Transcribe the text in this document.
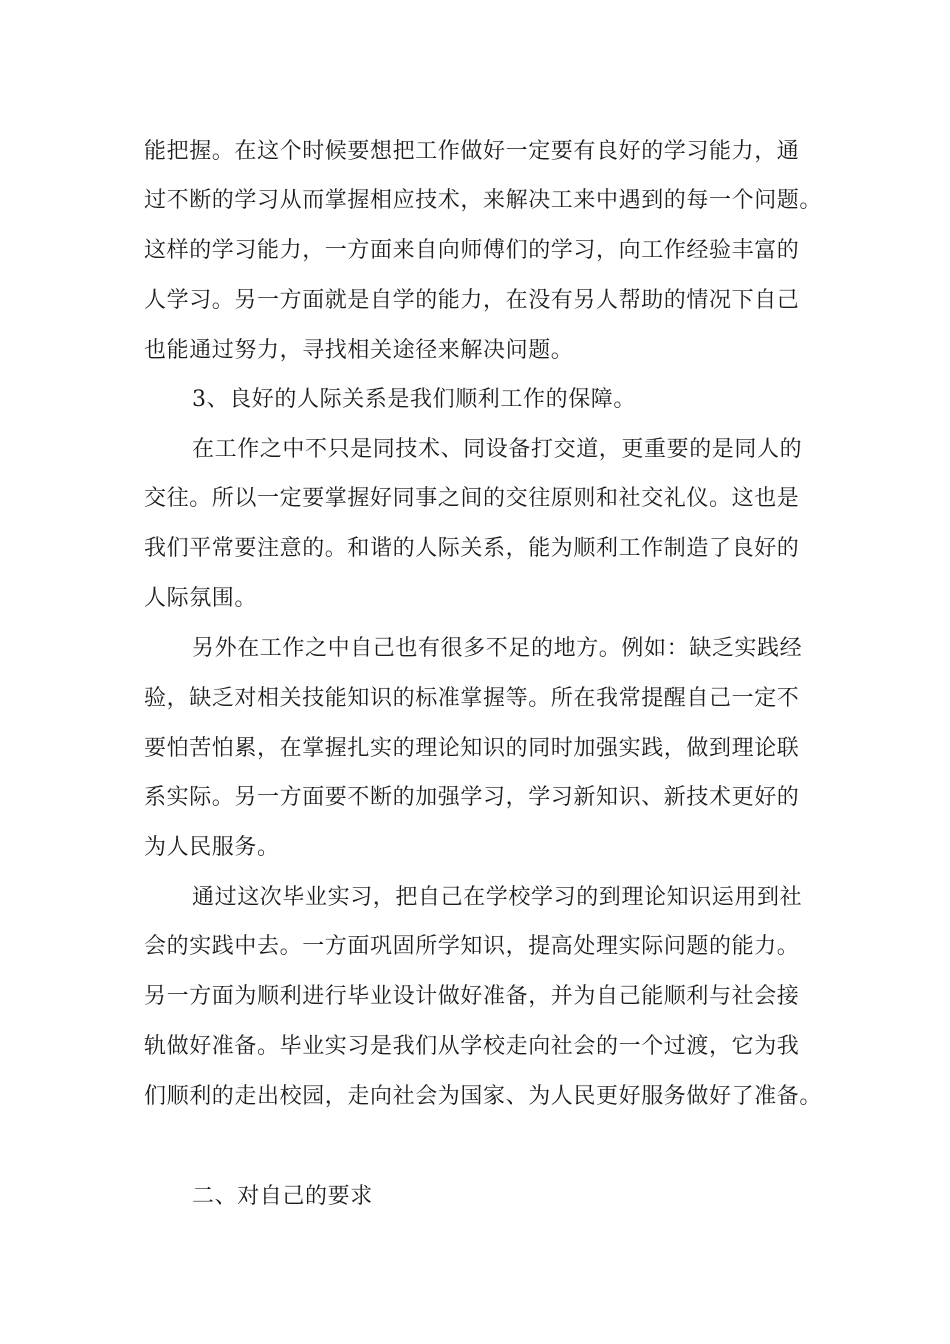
能把握。在这个时候要想把工作做好一定要有良好的学习能力，通
过不断的学习从而掌握相应技术，来解决工来中遇到的每一个问题。
这样的学习能力，一方面来自向师傅们的学习，向工作经验丰富的
人学习。另一方面就是自学的能力，在没有另人帮助的情况下自己
也能通过努力，寻找相关途径来解决问题。
3、良好的人际关系是我们顺利工作的保障。
在工作之中不只是同技术、同设备打交道，更重要的是同人的
交往。所以一定要掌握好同事之间的交往原则和社交礼仪。这也是
我们平常要注意的。和谐的人际关系，能为顺利工作制造了良好的
人际氛围。
另外在工作之中自己也有很多不足的地方。例如：缺乏实践经
验，缺乏对相关技能知识的标准掌握等。所在我常提醒自己一定不
要怕苦怕累，在掌握扎实的理论知识的同时加强实践，做到理论联
系实际。另一方面要不断的加强学习，学习新知识、新技术更好的
为人民服务。
通过这次毕业实习，把自己在学校学习的到理论知识运用到社
会的实践中去。一方面巩固所学知识，提高处理实际问题的能力。
另一方面为顺利进行毕业设计做好准备，并为自己能顺利与社会接
轨做好准备。毕业实习是我们从学校走向社会的一个过渡，它为我
们顺利的走出校园，走向社会为国家、为人民更好服务做好了准备。
二、对自己的要求
